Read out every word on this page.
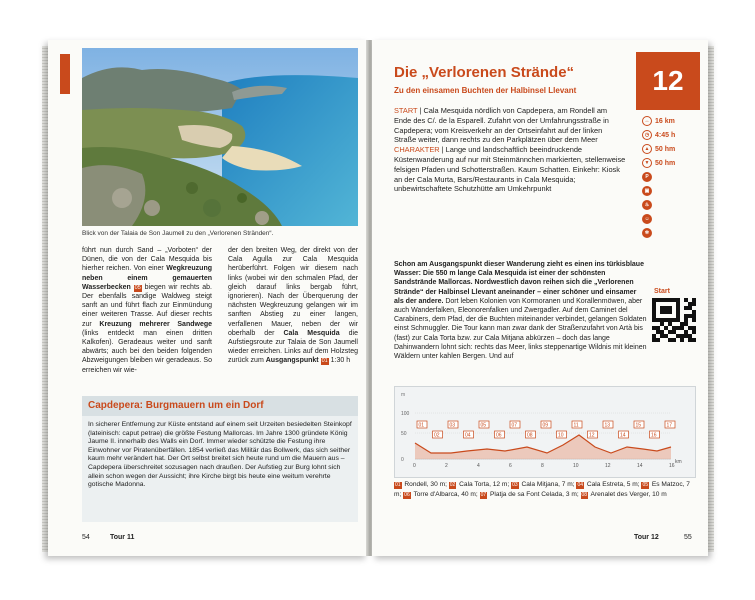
Blick von der Talaia de Son Jaumell zu den „Verlorenen Stränden“.
führt nun durch Sand – „Vorboten“ der Dünen, die von der Cala Mesquida bis hierher reichen. Von einer Wegkreuzung neben einem gemauerten Wasserbecken 05 biegen wir rechts ab. Der ebenfalls sandige Waldweg steigt sanft an und führt flach zur Einmündung einer weiteren Trasse. Auf dieser rechts zur Kreuzung mehrerer Sandwege (links entdeckt man einen dritten Kalkofen). Geradeaus weiter und sanft abwärts; auch bei den beiden folgenden Abzweigungen bleiben wir geradeaus. So erreichen wir wie-
der den breiten Weg, der direkt von der Cala Agulla zur Cala Mesquida herüberführt. Folgen wir diesem nach links (wobei wir den schmalen Pfad, der gleich darauf links bergab führt, ignorieren). Nach der Überquerung der nächsten Wegkreuzung gelangen wir im sanften Abstieg zu einer langen, verfallenen Mauer, neben der wir oberhalb der Cala Mesquida die Aufstiegsroute zur Talaia de Son Jaumell wieder erreichen. Links auf dem Holzsteg zurück zum Ausgangspunkt 01 1:30 h
Capdepera: Burgmauern um ein Dorf
In sicherer Entfernung zur Küste entstand auf einem seit Urzeiten besiedelten Steinkopf (lateinisch: caput petrae) die größte Festung Mallorcas. Im Jahre 1300 gründete König Jaume II. innerhalb des Walls ein Dorf. Immer wieder schützte die Festung ihre Einwohner vor Piratenüberfällen. 1854 verließ das Militär das Bollwerk, das sich seither kaum mehr verändert hat. Der Ort selbst breitet sich heute rund um die Mauern aus – Capdepera überschreitet sozusagen nach draußen. Der Aufstieg zur Burg lohnt sich allein schon wegen der Aussicht; ihre Kirche birgt bis heute eine weitum verehrte gotische Madonna.
54	Tour 11
Die „Verlorenen Strände“
Zu den einsamen Buchten der Halbinsel Llevant	12
START | Cala Mesquida nördlich von Capdepera, am Rondell am Ende des C/. de la Esparell. Zufahrt von der Umfahrungsstraße in Capdepera; vom Kreisverkehr an der Ortseinfahrt auf der linken Straße weiter, dann rechts zu den Parkplätzen über dem Meer CHARAKTER | Lange und landschaftlich beeindruckende Küstenwanderung auf nur mit Steinmännchen markierten, stellenweise felsigen Pfaden und Schotterstraßen. Kaum Schatten. Einkehr: Kiosk an der Cala Murta, Bars/Restaurants in Cala Mesquida; unbewirtschaftete Schutzhütte am Umkehrpunkt
↔ 16 km
◷ 4:45 h
▲ 50 hm
▼ 50 hm
P
▣
♨
☺
✻
Start
Schon am Ausgangspunkt dieser Wanderung zieht es einen ins türkisblaue Wasser: Die 550 m lange Cala Mesquida ist einer der schönsten Sandstrände Mallorcas. Nordwestlich davon reihen sich die „Verlorenen Strände“ der Halbinsel Llevant aneinander – einer schöner und einsamer als der andere. Dort leben Kolonien von Kormoranen und Korallenmöwen, aber auch Wanderfalken, Eleonorenfalken und Zwergadler. Auf dem Caminet del Carabiners, dem Pfad, der die Buchten miteinander verbindet, gelangen Soldaten einst Schmuggler. Die Tour kann man zwar dank der Straßenzufahrt von Artà bis (fast) zur Cala Torta bzw. zur Cala Mitjana abkürzen – doch das lange Dahinwandern lohnt sich: rechts das Meer, links steppenartige Wildnis mit kleinen Wäldern unter kahlen Bergen. Und auf
m
100
50
0
0	2	4	6	8	10	12	14	16
01
02
03
04
05
06
07
08
09
10
11
12
13
14
15
16
17
km
01 Rondell, 30 m; 02 Cala Torta, 12 m; 03 Cala Mitjana, 7 m; 04 Cala Estreta, 5 m; 05 Es Matzoc, 7 m; 06 Torre d'Albarca, 40 m; 07 Platja de sa Font Celada, 3 m; 08 Arenalet des Verger, 10 m
Tour 12	55
